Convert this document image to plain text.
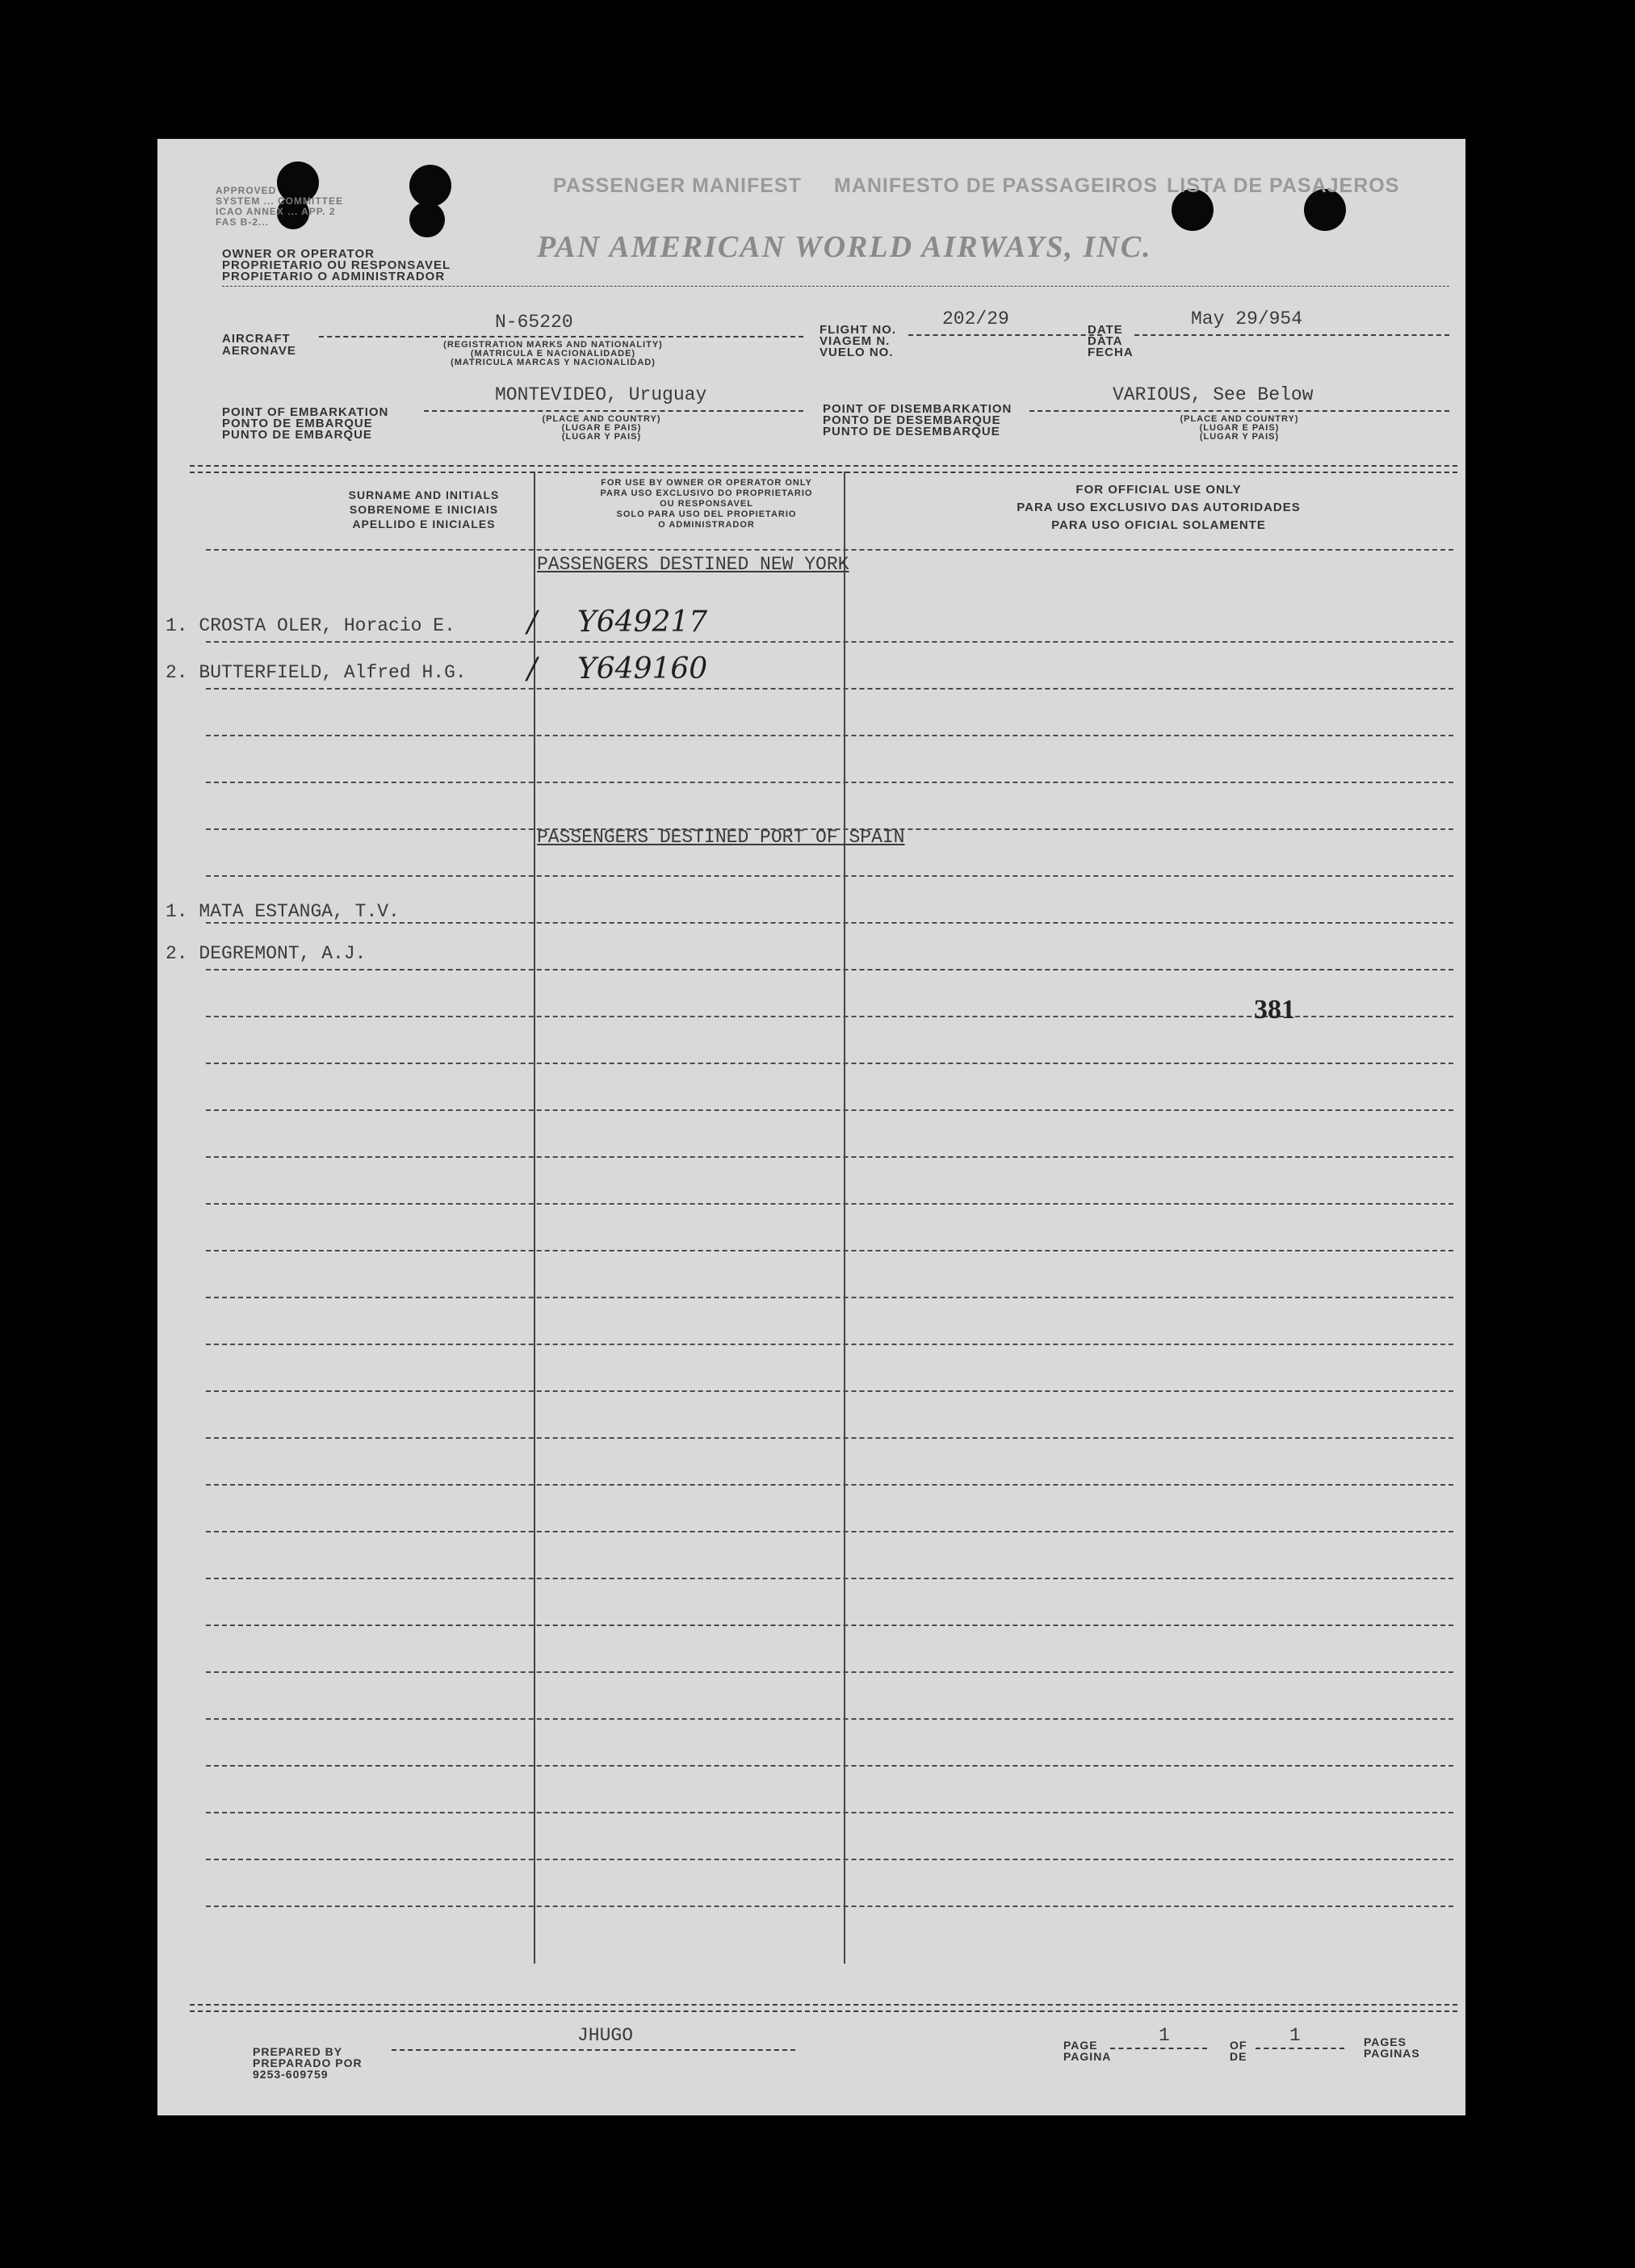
APPROVED
SYSTEM ... COMMITTEE
ICAO ANNEX ... APP. 2
FAS B-2...
PASSENGER MANIFEST MANIFESTO DE PASSAGEIROS LISTA DE PASAJEROS
OWNER OR OPERATOR
PROPRIETARIO OU RESPONSAVEL
PROPIETARIO O ADMINISTRADOR
PAN AMERICAN WORLD AIRWAYS, INC.
AIRCRAFT
AERONAVE
N-65220
(REGISTRATION MARKS AND NATIONALITY)
(MATRICULA E NACIONALIDADE)
(MATRICULA MARCAS Y NACIONALIDAD)
FLIGHT NO.
VIAGEM N.
VUELO NO.
202/29
DATE
DATA
FECHA
May 29/954
POINT OF EMBARKATION
PONTO DE EMBARQUE
PUNTO DE EMBARQUE
MONTEVIDEO, Uruguay
(PLACE AND COUNTRY)
(LUGAR E PAIS)
(LUGAR Y PAIS)
POINT OF DISEMBARKATION
PONTO DE DESEMBARQUE
PUNTO DE DESEMBARQUE
VARIOUS, See Below
(PLACE AND COUNTRY)
(LUGAR E PAIS)
(LUGAR Y PAIS)
SURNAME AND INITIALS
SOBRENOME E INICIAIS
APELLIDO E INICIALES
FOR USE BY OWNER OR OPERATOR ONLY
PARA USO EXCLUSIVO DO PROPRIETARIO
OU RESPONSAVEL
SOLO PARA USO DEL PROPIETARIO
O ADMINISTRADOR
FOR OFFICIAL USE ONLY
PARA USO EXCLUSIVO DAS AUTORIDADES
PARA USO OFICIAL SOLAMENTE
PASSENGERS DESTINED NEW YORK
1. CROSTA OLER, Horacio E. / Y649217
2. BUTTERFIELD, Alfred H.G. / Y649160
PASSENGERS DESTINED PORT OF SPAIN
1. MATA ESTANGA, T.V.
2. DEGREMONT, A.J.
381
PREPARED BY
PREPARADO POR
9253-609759
JHUGO	PAGE
PAGINA
1	OF
DE
1	PAGES
PAGINAS
